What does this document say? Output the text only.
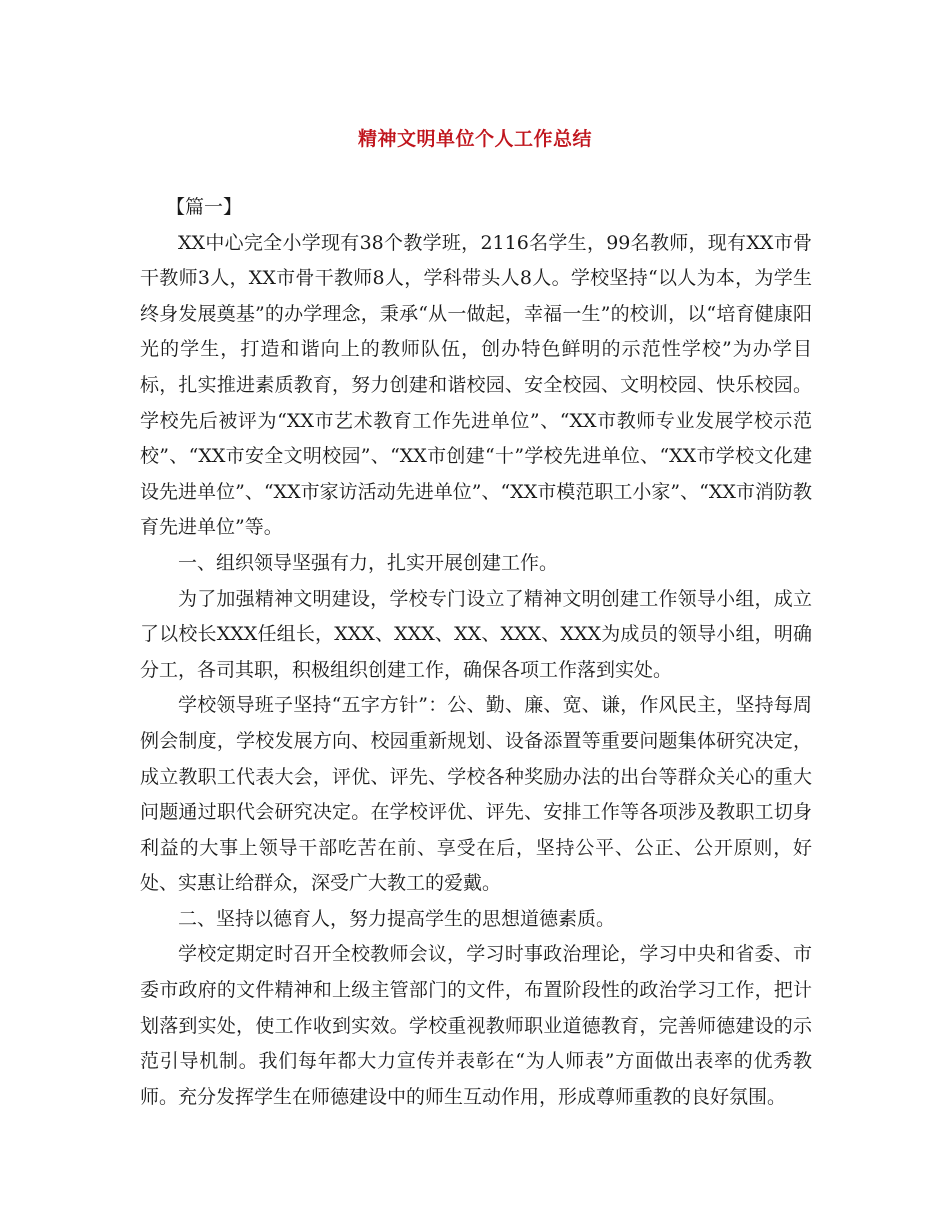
精神文明单位个人工作总结

【篇一】

XX中心完全小学现有38个教学班，2116名学生，99名教师，现有XX市骨干教师3人，XX市骨干教师8人，学科带头人8人。学校坚持“以人为本，为学生终身发展奠基”的办学理念，秉承“从一做起，幸福一生”的校训，以“培育健康阳光的学生，打造和谐向上的教师队伍，创办特色鲜明的示范性学校”为办学目标，扎实推进素质教育，努力创建和谐校园、安全校园、文明校园、快乐校园。学校先后被评为“XX市艺术教育工作先进单位”、“XX市教师专业发展学校示范校”、“XX市安全文明校园”、“XX市创建“十”学校先进单位、“XX市学校文化建设先进单位”、“XX市家访活动先进单位”、“XX市模范职工小家”、“XX市消防教育先进单位”等。

一、组织领导坚强有力，扎实开展创建工作。

为了加强精神文明建设，学校专门设立了精神文明创建工作领导小组，成立了以校长XXX任组长，XXX、XXX、XX、XXX、XXX为成员的领导小组，明确分工，各司其职，积极组织创建工作，确保各项工作落到实处。

学校领导班子坚持“五字方针”：公、勤、廉、宽、谦，作风民主，坚持每周例会制度，学校发展方向、校园重新规划、设备添置等重要问题集体研究决定，成立教职工代表大会，评优、评先、学校各种奖励办法的出台等群众关心的重大问题通过职代会研究决定。在学校评优、评先、安排工作等各项涉及教职工切身利益的大事上领导干部吃苦在前、享受在后，坚持公平、公正、公开原则，好处、实惠让给群众，深受广大教工的爱戴。

二、坚持以德育人，努力提高学生的思想道德素质。

学校定期定时召开全校教师会议，学习时事政治理论，学习中央和省委、市委市政府的文件精神和上级主管部门的文件，布置阶段性的政治学习工作，把计划落到实处，使工作收到实效。学校重视教师职业道德教育，完善师德建设的示范引导机制。我们每年都大力宣传并表彰在“为人师表”方面做出表率的优秀教师。充分发挥学生在师德建设中的师生互动作用，形成尊师重教的良好氛围。
